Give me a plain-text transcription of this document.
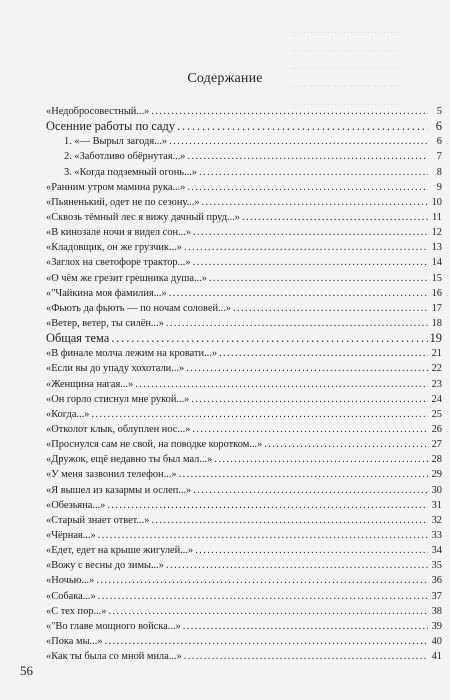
……………………………
……………………………
……………………………
……………………………
……………………………
Содержание
«Недобросовестный...» . . .	5
Осенние работы по саду . . .	6
1. «— Вырыл загодя...» . . .	6
2. «Заботливо обёрнутая...» . . .	7
3. «Когда подземный огонь...» . . .	8
«Ранним утром мамина рука...» . . .	9
«Пьяненький, одет не по сезону...» . . .	10
«Сквозь тёмный лес я вижу дачный пруд...» . . .	11
«В кинозале ночи я видел сон...» . . .	12
«Кладовщик, он же грузчик...» . . .	13
«Заглох на светофоре трактор...» . . .	14
«О чём же грезит грешника душа...» . . .	15
«"Чайкина моя фамилия...» . . .	16
«Фьють да фьють — по ночам соловей...» . . .	17
«Ветер, ветер, ты силён...» . . .	18
Общая тема . . .	19
«В финале молча лежим на кровати...» . . .	21
«Если вы до упаду хохотали...» . . .	22
«Женщина нагая...» . . .	23
«Он горло стиснул мне рукой...» . . .	24
«Когда...» . . .	25
«Отколот клык, облуплен нос...» . . .	26
«Проснулся сам не свой, на поводке коротком...» . . .	27
«Дружок, ещё недавно ты был мал...» . . .	28
«У меня зазвонил телефон...» . . .	29
«Я вышел из казармы и ослеп...» . . .	30
«Обезьяна...» . . .	31
«Старый знает ответ...» . . .	32
«Чёрная...» . . .	33
«Едет, едет на крыше жигулей...» . . .	34
«Вожу с весны до зимы...» . . .	35
«Ночью...» . . .	36
«Собака...» . . .	37
«С тех пор...» . . .	38
«"Во главе мощного войска...» . . .	39
«Пока мы...» . . .	40
«Как ты была со мной мила...» . . .	41
56
